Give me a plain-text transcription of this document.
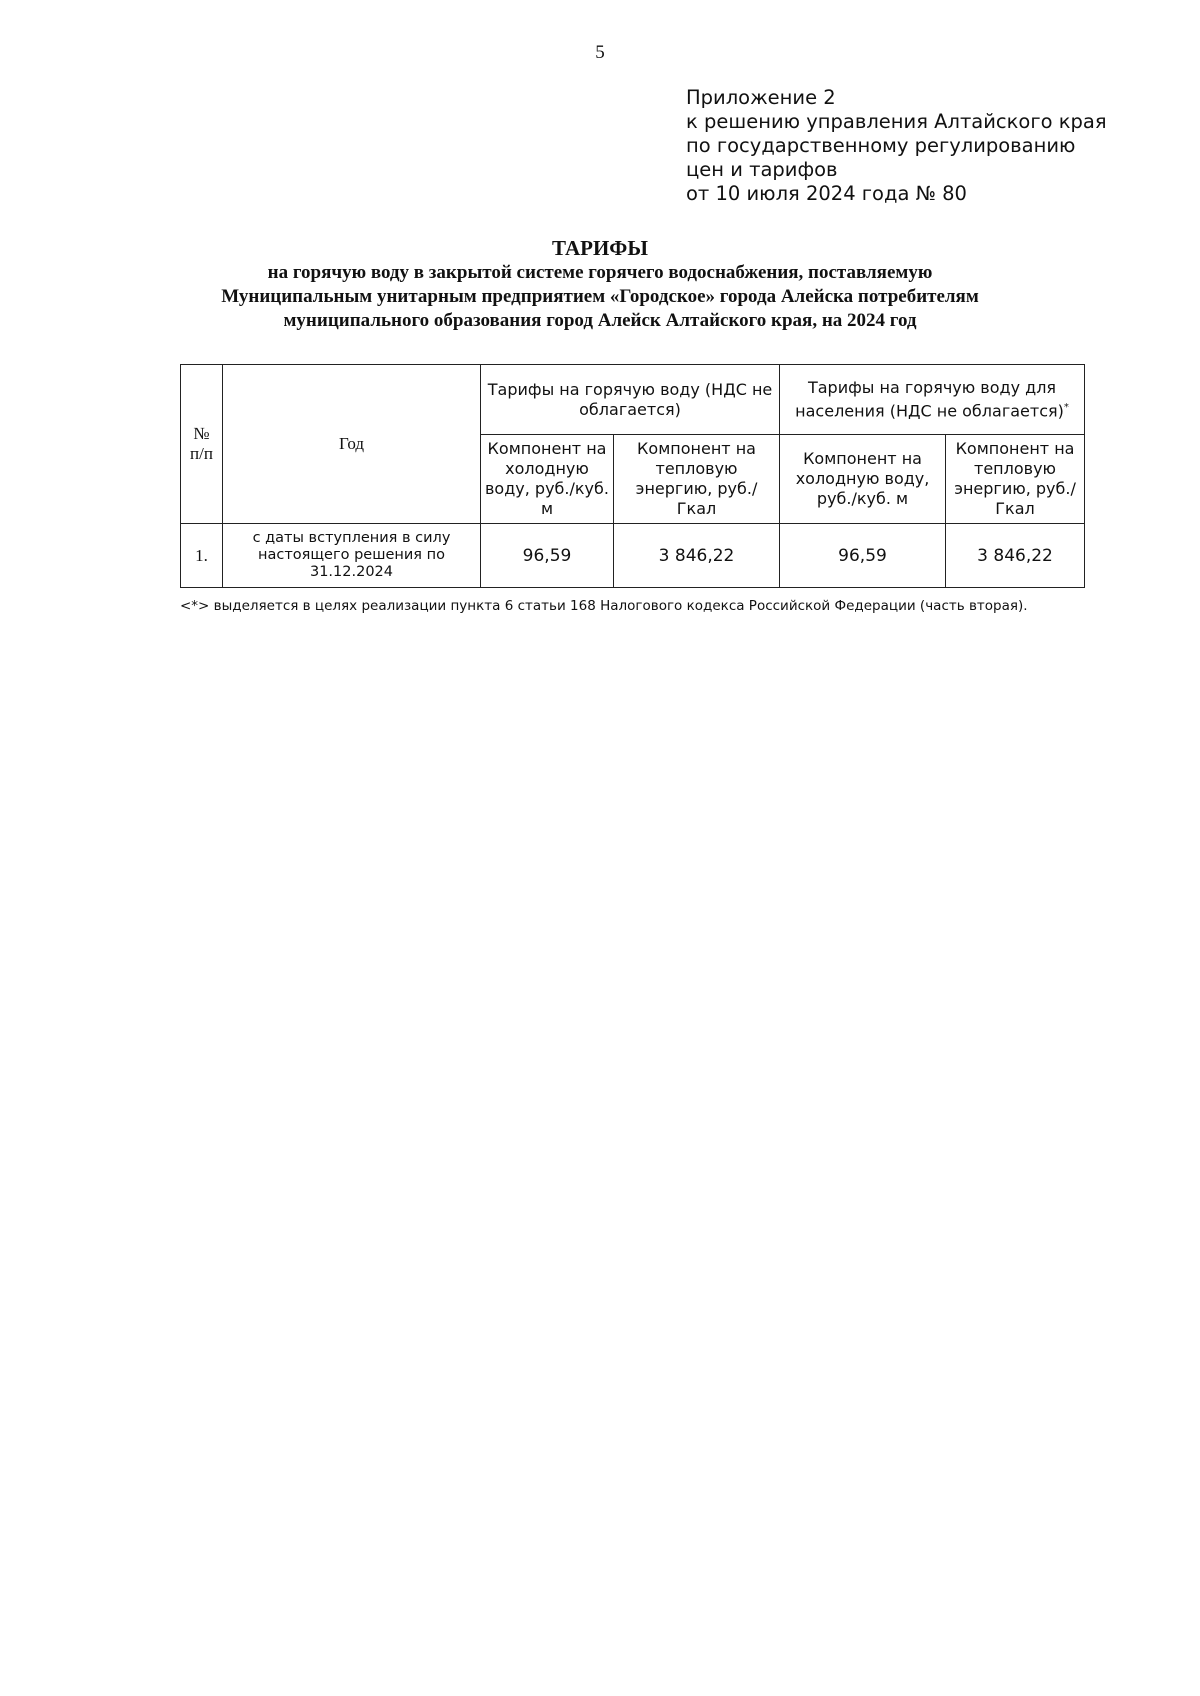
5
Приложение 2
к решению управления Алтайского края
по государственному регулированию
цен и тарифов
от 10 июля 2024 года № 80
ТАРИФЫ
на горячую воду в закрытой системе горячего водоснабжения, поставляемую
Муниципальным унитарным предприятием «Городское» города Алейска потребителям
муниципального образования город Алейск Алтайского края, на 2024 год
№ п/п	Год	Тарифы на горячую воду (НДС не облагается)		Тарифы на горячую воду для населения (НДС не облагается)*
		Компонент на холодную воду, руб./куб. м	Компонент на тепловую энергию, руб./Гкал	Компонент на холодную воду, руб./куб. м	Компонент на тепловую энергию, руб./Гкал
1.	с даты вступления в силу настоящего решения по 31.12.2024	96,59	3 846,22	96,59	3 846,22
<*> выделяется в целях реализации пункта 6 статьи 168 Налогового кодекса Российской Федерации (часть вторая).
